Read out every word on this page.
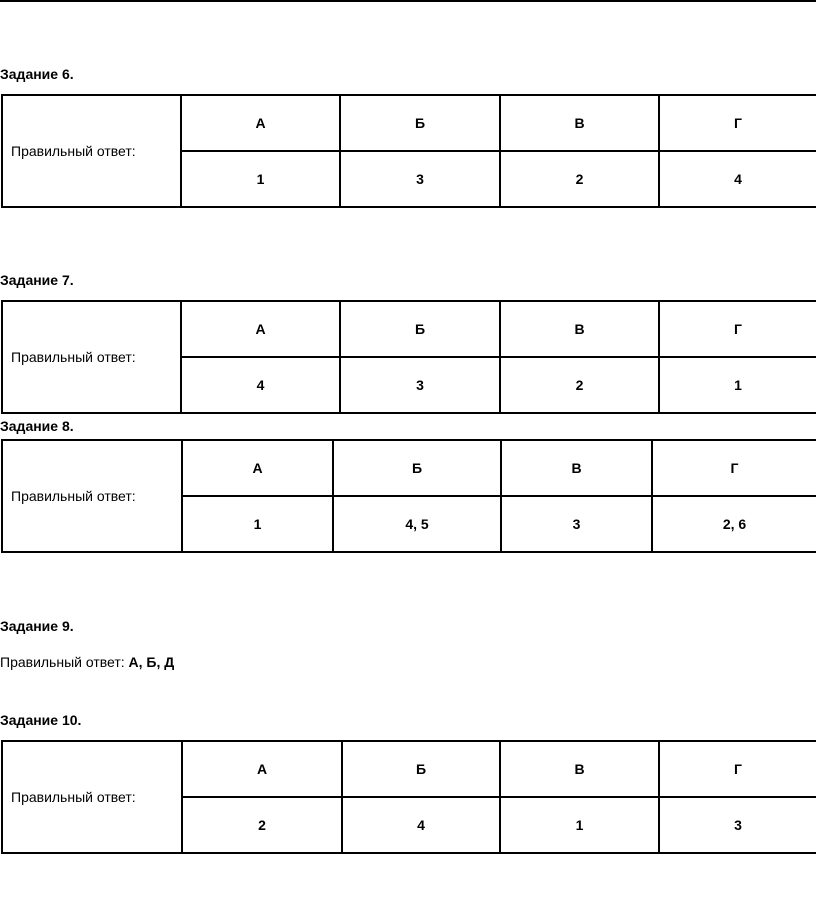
Задание 6.
Правильный ответ:	А	Б	В	Г
	1	3	2	4
Задание 7.
Правильный ответ:	А	Б	В	Г
	4	3	2	1
Задание 8.
Правильный ответ:	А	Б	В	Г
	1	4, 5	3	2, 6
Задание 9.
Правильный ответ: А, Б, Д
Задание 10.
Правильный ответ:	А	Б	В	Г
	2	4	1	3
